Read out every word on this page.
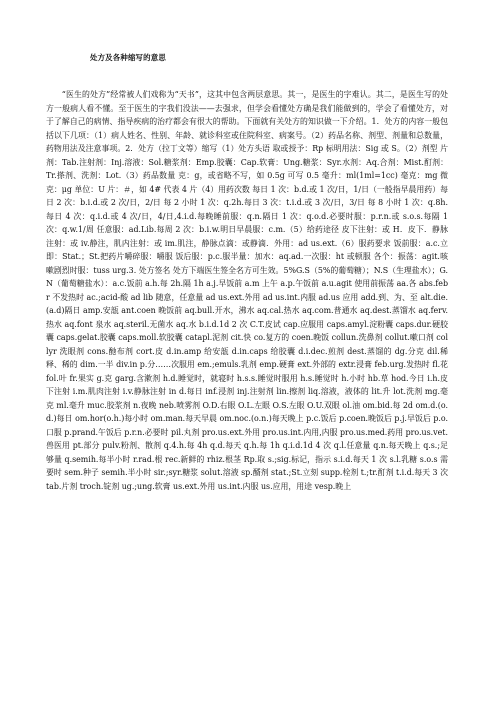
处方及各种缩写的意思

“医生的处方”经常被人们戏称为“天书”，这其中包含两层意思。其一，是医生的字难认。其二，是医生写的处方一般病人看不懂。至于医生的字我们没法——去强求，但学会看懂处方确是我们能做到的，学会了看懂处方，对于了解自己的病情、指导疾病的治疗都会有很大的帮助。下面就有关处方的知识做一下介绍。1．处方的内容一般包括以下几项：（1）病人姓名、性别、年龄、就诊科室或住院科室、病案号。（2）药品名称、剂型、剂量和总数量，药物用法及注意事项。2．处方（拉丁文等）缩写（1）处方头语 取或授予：Rp 标明用法：Sig 或 S。（2）剂型 片剂：Tab.注射剂：Inj.溶液：Sol.糖浆剂：Emp.胶囊：Cap.软膏：Ung.糖浆：Syr.水剂：Aq.合剂：Mist.酊剂：Tr.搽剂、洗剂：Lot.（3）药品数量 克：g，或省略不写，如 0.5g 可写 0.5 毫升：ml(1ml=1cc) 毫克：mg 微克：μg 单位：U 片：＃，如 4# 代表 4 片（4）用药次数 每日 1 次：b.d.或 1 次/日，1/日（一般指早晨用药）每日 2 次：b.i.d.或 2 次/日，2/日 每 2 小时 1 次：q.2h.每日 3 次：t.i.d.或 3 次/日，3/日 每 8 小时 1 次：q.8h.每日 4 次：q.i.d.或 4 次/日，4/日,4.i.d.每晚睡前服：q.n.隔日 1 次：q.o.d.必要时服：p.r.n.或 s.o.s.每隔 1 次：q.w.1/周 任意服：ad.Lib.每周 2 次：b.i.w.明日早晨服：c.m.（5）给药途径 皮下注射：或 H．皮下．静脉注射：或 iv.静注，肌内注射：或 im.肌注，静脉点滴：或静滴．外用：ad us.ext.（6）服药要求 饭前服：a.c.立即：Stat.；St.把药片嚼碎服：嚼服 饭后服：p.c.服半量：加水：aq.ad.一次服：ht 或顿服 各个：振荡：agit.咳嗽剧烈时服：tuss urg.3. 处方签名 处方下端医生签全名方可生效。5%G.S（5%的葡萄糖）；N.S（生理盐水）；G.N（葡萄糖盐水）：a.c.饭前 a.h.每 2h.隔 1h a.j.早饭前 a.m 上午 a.p.午饭前 a.u.agit 使用前振荡 aa.各 abs.febr 不发热时 ac.;acid-酸 ad lib 随意，任意量 ad us.ext.外用 ad us.int.内服 ad.us 应用 add.到、为、至 alt.die.(a.d)隔日 amp.安瓿 ant.coen 晚饭前 aq.bull.开水，沸水 aq.cal.热水 aq.com.普通水 aq.dest.蒸馏水 aq.ferv.热水 aq.font 泉水 aq.steril.无菌水 aq.水 b.i.d.1d 2 次 C.T.皮试 cap.应服用 caps.amyl.淀粉囊 caps.dur.硬胶囊 caps.gelat.胶囊 caps.moll.软胶囊 catapl.泥剂 cit.快 co.复方的 coen.晚饭 collun.洗鼻剂 collut.嗽口剂 collyr 洗眼剂 cons.酏布剂 cort.皮 d.in.amp 给安瓿 d.in.caps 给胶囊 d.i.dec.煎剂 dest.蒸馏的 dg.分克 dil.稀释、稀的 dim.一半 div.in p.分……次服用 em.;emuls.乳剂 emp.硬膏 ext.外部的 extr.浸膏 feb.urg.发热时 fl.花 fol.叶 fr.果实 g.克 garg.含漱剂 h.d.睡觉时，就寝时 h.s.s.睡觉时服用 h.s.睡觉时 h.小时 hb.草 hod.今日 i.h.皮下注射 i.m.肌肉注射 i.v.静脉注射 in d.每日 inf.浸剂 inj.注射剂 lin.擦剂 liq.溶液，液体的 lit.升 lot.洗剂 mg.毫克 ml.毫升 muc.胶浆剂 n.夜晚 neb.喷雾剂 O.D.右眼 O.L.左眼 O.S.左眼 O.U.双眼 ol.油 om.bid.每 2d om.d.(o.d.)每日 om.hor(o.h.)每小时 om.man.每天早晨 om.noc.(o.n.)每天晚上 p.c.饭后 p.coen.晚饭后 p.j.早饭后 p.o.口服 p.prand.午饭后 p.r.n.必要时 pil.丸剂 pro.us.ext.外用 pro.us.int.内用,内服 pro.us.med.药用 pro.us.vet.兽医用 pt.部分 pulv.粉剂、散剂 q.4.h.每 4h q.d.每天 q.h.每 1h q.i.d.1d 4 次 q.l.任意量 q.n.每天晚上 q.s.;足够量 q.semih.每半小时 r.rad.根 rec.新鲜的 rhiz.根茎 Rp.取 s.;sig.标记，指示 s.i.d.每天 1 次 s.l.乳糖 s.o.s 需要时 sem.种子 semih.半小时 sir.;syr.糖浆 solut.溶液 sp.醑剂 stat.;St.立刻 supp.栓剂 t.;tr.酊剂 t.i.d.每天 3 次 tab.片剂 troch.锭剂 ug.;ung.软膏 us.ext.外用 us.int.内服 us.应用，用途 vesp.晚上
